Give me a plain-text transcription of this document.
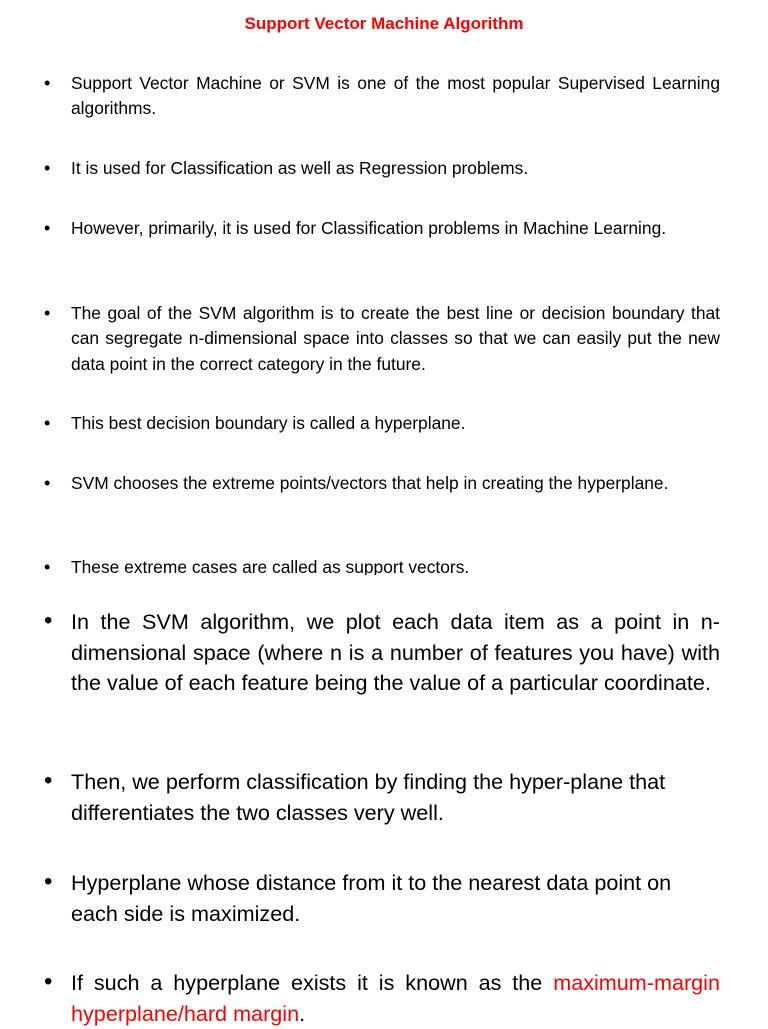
Support Vector Machine Algorithm
• Support Vector Machine or SVM is one of the most popular Supervised Learning algorithms.
• It is used for Classification as well as Regression problems.
• However, primarily, it is used for Classification problems in Machine Learning.
• The goal of the SVM algorithm is to create the best line or decision boundary that can segregate n-dimensional space into classes so that we can easily put the new data point in the correct category in the future.
• This best decision boundary is called a hyperplane.
• SVM chooses the extreme points/vectors that help in creating the hyperplane.
• These extreme cases are called as support vectors.
• In the SVM algorithm, we plot each data item as a point in n-dimensional space (where n is a number of features you have) with the value of each feature being the value of a particular coordinate.
• Then, we perform classification by finding the hyper-plane that differentiates the two classes very well.
• Hyperplane whose distance from it to the nearest data point on each side is maximized.
• If such a hyperplane exists it is known as the maximum-margin hyperplane/hard margin.
